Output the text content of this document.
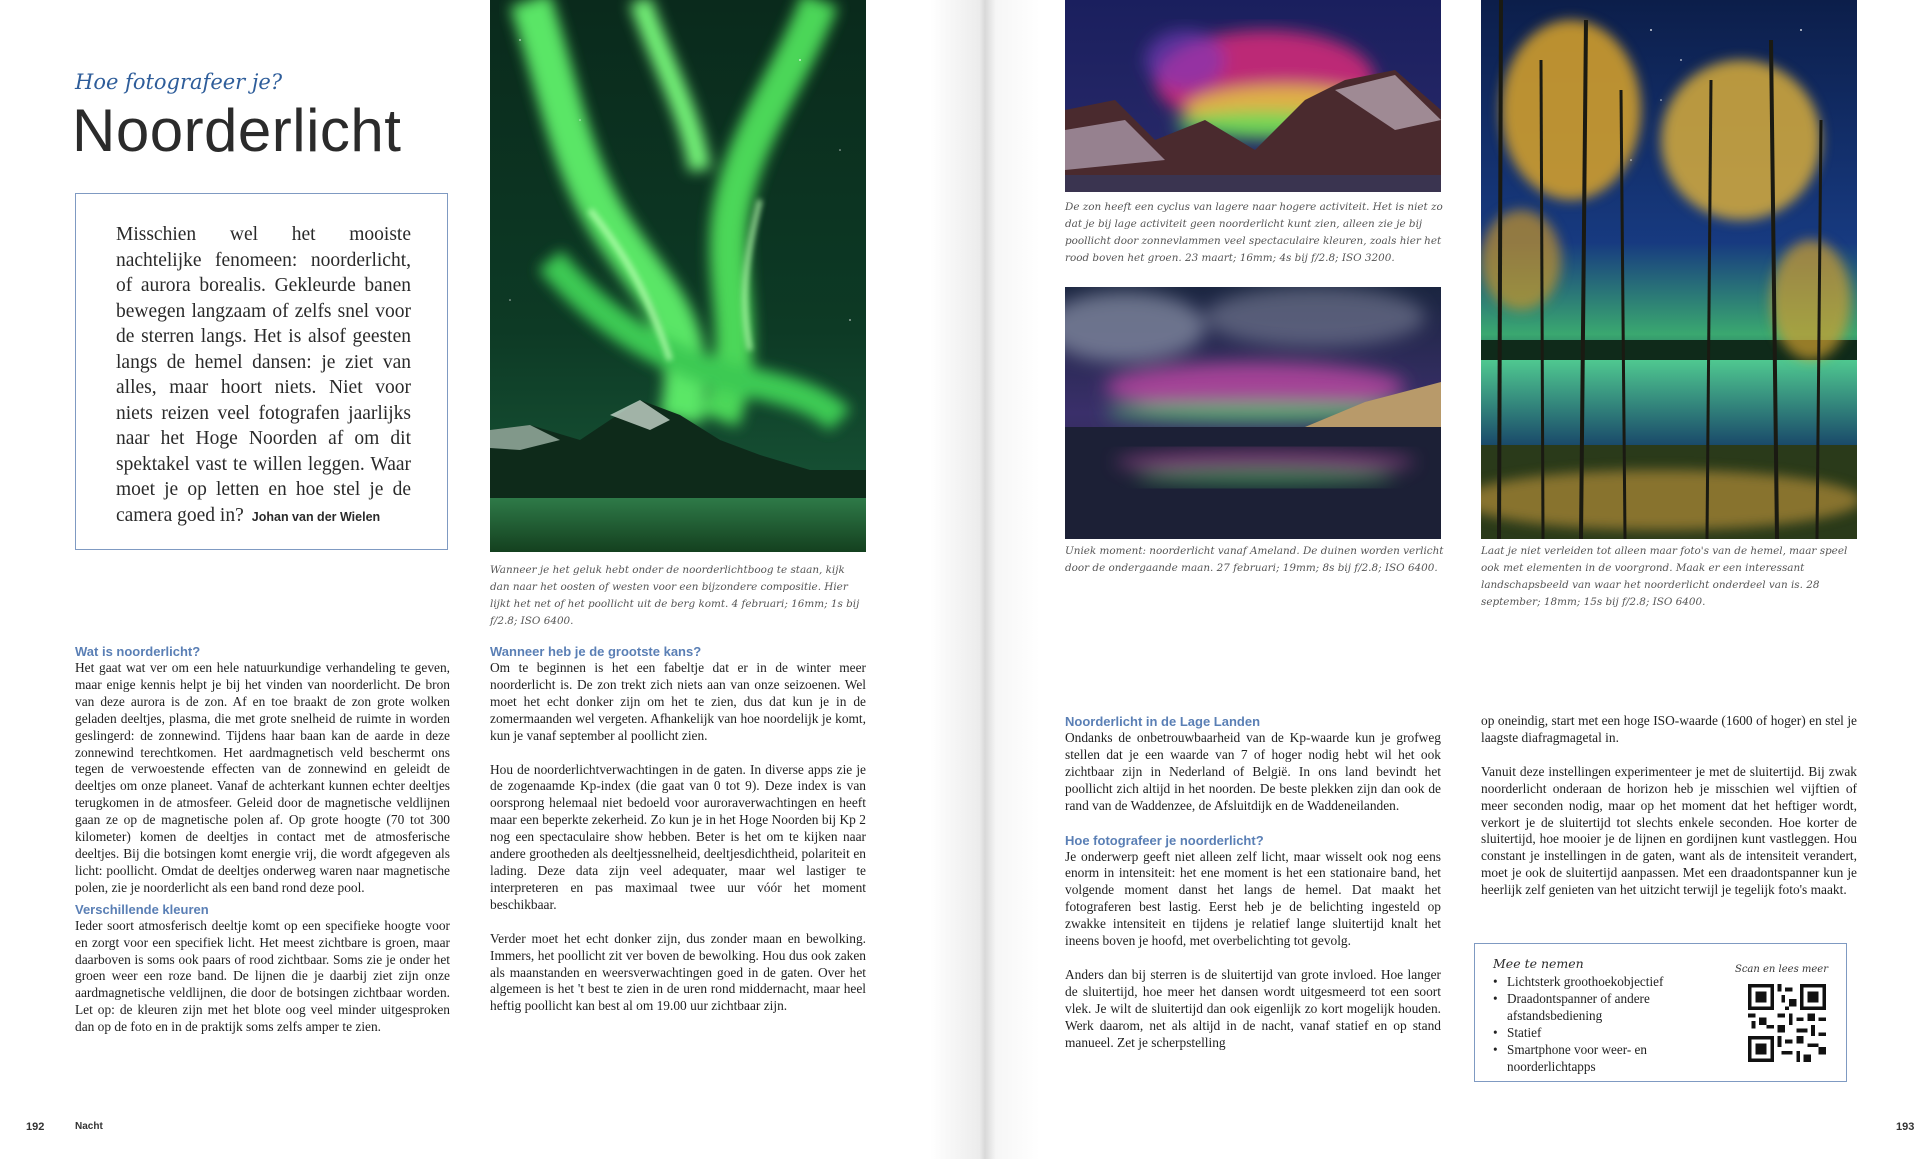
Hoe fotografeer je?
Noorderlicht
Misschien wel het mooiste nachtelijke fenomeen: noorderlicht, of aurora borealis. Gekleurde banen bewegen langzaam of zelfs snel voor de sterren langs. Het is alsof geesten langs de hemel dansen: je ziet van alles, maar hoort niets. Niet voor niets reizen veel fotografen jaarlijks naar het Hoge Noorden af om dit spektakel vast te willen leggen. Waar moet je op letten en hoe stel je de camera goed in? Johan van der Wielen
Wanneer je het geluk hebt onder de noorderlichtboog te staan, kijk dan naar het oosten of westen voor een bijzondere compositie. Hier lijkt het net of het poollicht uit de berg komt. 4 februari; 16mm; 1s bij f/2.8; ISO 6400.
Wat is noorderlicht?

Het gaat wat ver om een hele natuurkundige verhandeling te geven, maar enige kennis helpt je bij het vinden van noorderlicht. De bron van deze aurora is de zon. Af en toe braakt de zon grote wolken geladen deeltjes, plasma, die met grote snelheid de ruimte in worden geslingerd: de zonnewind. Tijdens haar baan kan de aarde in deze zonnewind terechtkomen. Het aardmagnetisch veld beschermt ons tegen de verwoestende effecten van de zonnewind en geleidt de deeltjes om onze planeet. Vanaf de achterkant kunnen echter deeltjes terugkomen in de atmosfeer. Geleid door de magnetische veldlijnen gaan ze op de magnetische polen af. Op grote hoogte (70 tot 300 kilometer) komen de deeltjes in contact met de atmosferische deeltjes. Bij die botsingen komt energie vrij, die wordt afgegeven als licht: poollicht. Omdat de deeltjes onderweg waren naar magnetische polen, zie je noorderlicht als een band rond deze pool.

Verschillende kleuren

Ieder soort atmosferisch deeltje komt op een specifieke hoogte voor en zorgt voor een specifiek licht. Het meest zichtbare is groen, maar daarboven is soms ook paars of rood zichtbaar. Soms zie je onder het groen weer een roze band. De lijnen die je daarbij ziet zijn onze aardmagnetische veldlijnen, die door de botsingen zichtbaar worden. Let op: de kleuren zijn met het blote oog veel minder uitgesproken dan op de foto en in de praktijk soms zelfs amper te zien.

Wanneer heb je de grootste kans?

Om te beginnen is het een fabeltje dat er in de winter meer noorderlicht is. De zon trekt zich niets aan van onze seizoenen. Wel moet het echt donker zijn om het te zien, dus dat kun je in de zomermaanden wel vergeten. Afhankelijk van hoe noordelijk je komt, kun je vanaf september al poollicht zien.

Hou de noorderlichtverwachtingen in de gaten. In diverse apps zie je de zogenaamde Kp-index (die gaat van 0 tot 9). Deze index is van oorsprong helemaal niet bedoeld voor auroraverwachtingen en heeft maar een beperkte zekerheid. Zo kun je in het Hoge Noorden bij Kp 2 nog een spectaculaire show hebben. Beter is het om te kijken naar andere grootheden als deeltjessnelheid, deeltjesdichtheid, polariteit en lading. Deze data zijn veel adequater, maar wel lastiger te interpreteren en pas maximaal twee uur vóór het moment beschikbaar.

Verder moet het echt donker zijn, dus zonder maan en bewolking. Immers, het poollicht zit ver boven de bewolking. Hou dus ook zaken als maanstanden en weersverwachtingen goed in de gaten. Over het algemeen is het 't best te zien in de uren rond middernacht, maar heel heftig poollicht kan best al om 19.00 uur zichtbaar zijn.

192	Nacht
De zon heeft een cyclus van lagere naar hogere activiteit. Het is niet zo dat je bij lage activiteit geen noorderlicht kunt zien, alleen zie je bij poollicht door zonnevlammen veel spectaculaire kleuren, zoals hier het rood boven het groen. 23 maart; 16mm; 4s bij f/2.8; ISO 3200.
Uniek moment: noorderlicht vanaf Ameland. De duinen worden verlicht door de ondergaande maan. 27 februari; 19mm; 8s bij f/2.8; ISO 6400.
Laat je niet verleiden tot alleen maar foto's van de hemel, maar speel ook met elementen in de voorgrond. Maak er een interessant landschapsbeeld van waar het noorderlicht onderdeel van is. 28 september; 18mm; 15s bij f/2.8; ISO 6400.
Noorderlicht in de Lage Landen

Ondanks de onbetrouwbaarheid van de Kp-waarde kun je grofweg stellen dat je een waarde van 7 of hoger nodig hebt wil het ook zichtbaar zijn in Nederland of België. In ons land bevindt het poollicht zich altijd in het noorden. De beste plekken zijn dan ook de rand van de Waddenzee, de Afsluitdijk en de Waddeneilanden.

Hoe fotografeer je noorderlicht?

Je onderwerp geeft niet alleen zelf licht, maar wisselt ook nog eens enorm in intensiteit: het ene moment is het een stationaire band, het volgende moment danst het langs de hemel. Dat maakt het fotograferen best lastig. Eerst heb je de belichting ingesteld op zwakke intensiteit en tijdens je relatief lange sluitertijd knalt het ineens boven je hoofd, met overbelichting tot gevolg.

Anders dan bij sterren is de sluitertijd van grote invloed. Hoe langer de sluitertijd, hoe meer het dansen wordt uitgesmeerd tot een soort vlek. Je wilt de sluitertijd dan ook eigenlijk zo kort mogelijk houden. Werk daarom, net als altijd in de nacht, vanaf statief en op stand manueel. Zet je scherpstelling

op oneindig, start met een hoge ISO-waarde (1600 of hoger) en stel je laagste diafragmagetal in.

Vanuit deze instellingen experimenteer je met de sluitertijd. Bij zwak noorderlicht onderaan de horizon heb je misschien wel vijftien of meer seconden nodig, maar op het moment dat het heftiger wordt, verkort je de sluitertijd tot slechts enkele seconden. Hoe korter de sluitertijd, hoe mooier je de lijnen en gordijnen kunt vastleggen. Hou constant je instellingen in de gaten, want als de intensiteit verandert, moet je ook de sluitertijd aanpassen. Met een draadontspanner kun je heerlijk zelf genieten van het uitzicht terwijl je tegelijk foto's maakt.

193
Mee te nemen
• Lichtsterk groothoekobjectief
• Draadontspanner of andere afstandsbediening
• Statief
• Smartphone voor weer- en noorderlichtapps
Scan en lees meer
